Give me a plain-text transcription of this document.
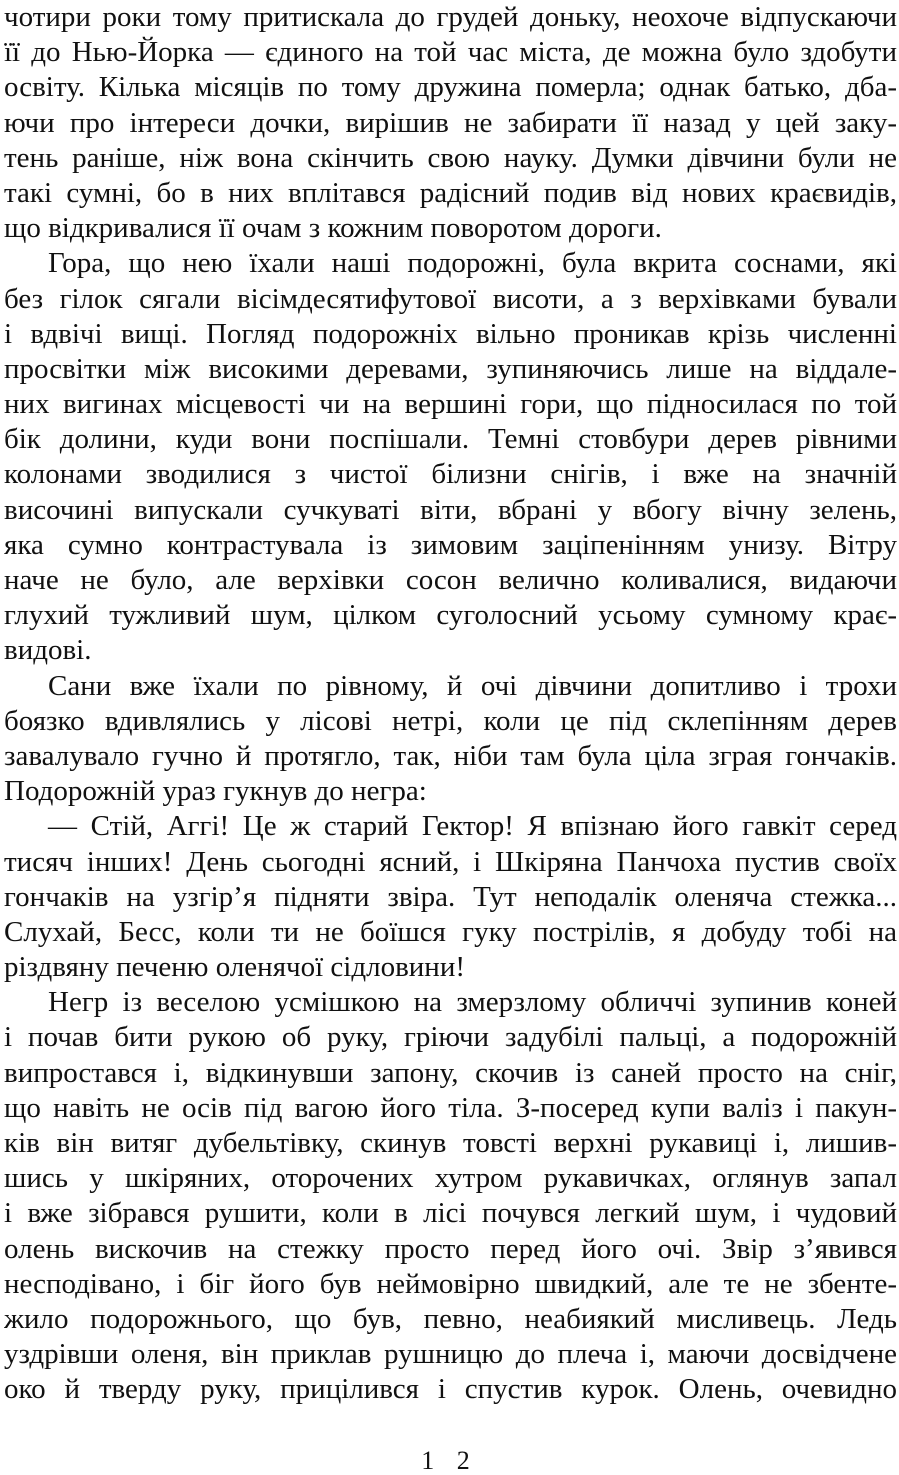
чотири роки тому притискала до грудей доньку, неохоче відпускаючи
її до Нью-Йорка — єдиного на той час міста, де можна було здобути
освіту. Кілька місяців по тому дружина померла; однак батько, дба-
ючи про інтереси дочки, вирішив не забирати її назад у цей заку-
тень раніше, ніж вона скінчить свою науку. Думки дівчини були не
такі сумні, бо в них вплітався радісний подив від нових краєвидів,
що відкривалися її очам з кожним поворотом дороги.
Гора, що нею їхали наші подорожні, була вкрита соснами, які
без гілок сягали вісімдесятифутової висоти, а з верхівками бували
і вдвічі вищі. Погляд подорожніх вільно проникав крізь численні
просвітки між високими деревами, зупиняючись лише на віддале-
них вигинах місцевості чи на вершині гори, що підносилася по той
бік долини, куди вони поспішали. Темні стовбури дерев рівними
колонами зводилися з чистої білизни снігів, і вже на значній
височині випускали сучкуваті віти, вбрані у вбогу вічну зелень,
яка сумно контрастувала із зимовим заціпенінням унизу. Вітру
наче не було, але верхівки сосон велично коливалися, видаючи
глухий тужливий шум, цілком суголосний усьому сумному крає-
видові.
Сани вже їхали по рівному, й очі дівчини допитливо і трохи
боязко вдивлялись у лісові нетрі, коли це під склепінням дерев
завалувало гучно й протягло, так, ніби там була ціла зграя гончаків.
Подорожній ураз гукнув до негра:
— Стій, Аггі! Це ж старий Гектор! Я впізнаю його гавкіт серед
тисяч інших! День сьогодні ясний, і Шкіряна Панчоха пустив своїх
гончаків на узгір’я підняти звіра. Тут неподалік оленяча стежка...
Слухай, Бесс, коли ти не боїшся гуку пострілів, я добуду тобі на
різдвяну печеню оленячої сідловини!
Негр із веселою усмішкою на змерзлому обличчі зупинив коней
і почав бити рукою об руку, гріючи задубілі пальці, а подорожній
випростався і, відкинувши запону, скочив із саней просто на сніг,
що навіть не осів під вагою його тіла. З-посеред купи валіз і пакун-
ків він витяг дубельтівку, скинув товсті верхні рукавиці і, лишив-
шись у шкіряних, оторочених хутром рукавичках, оглянув запал
і вже зібрався рушити, коли в лісі почувся легкий шум, і чудовий
олень вискочив на стежку просто перед його очі. Звір з’явився
несподівано, і біг його був неймовірно швидкий, але те не збенте-
жило подорожнього, що був, певно, неабиякий мисливець. Ледь
уздрівши оленя, він приклав рушницю до плеча і, маючи досвідчене
око й тверду руку, прицілився і спустив курок. Олень, очевидно
1 2
